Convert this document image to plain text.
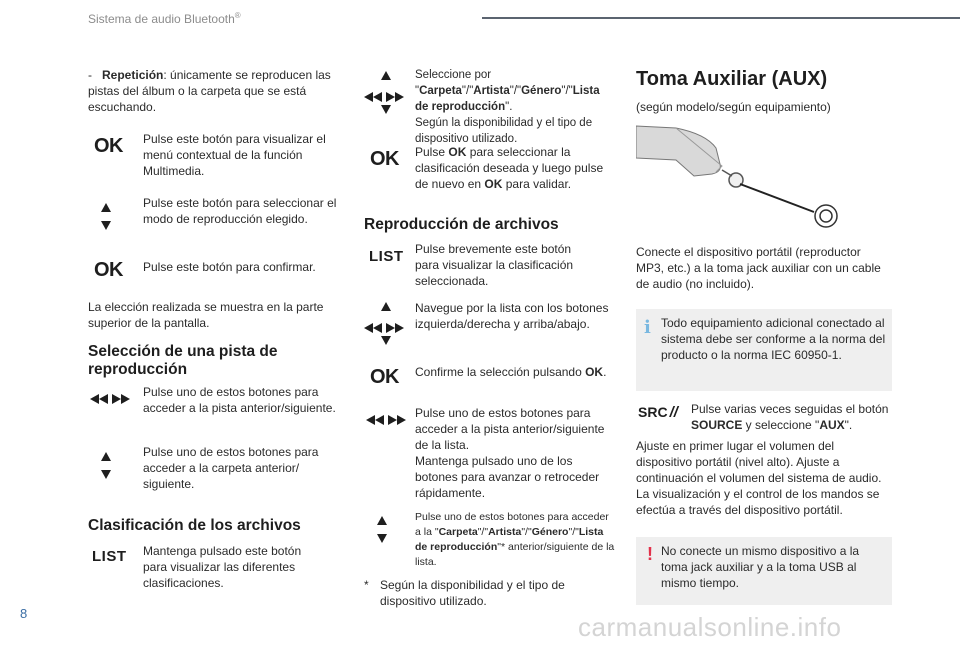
Sistema de audio Bluetooth®
- Repetición: únicamente se reproducen las pistas del álbum o la carpeta que se está escuchando.
OK Pulse este botón para visualizar el menú contextual de la función Multimedia.
Pulse este botón para seleccionar el modo de reproducción elegido.
OK Pulse este botón para confirmar.
La elección realizada se muestra en la parte superior de la pantalla.
Selección de una pista de reproducción

Pulse uno de estos botones para acceder a la pista anterior/siguiente.
Pulse uno de estos botones para acceder a la carpeta anterior/ siguiente.
Clasificación de los archivos
LIST Mantenga pulsado este botón para visualizar las diferentes clasificaciones.

Seleccione por
"Carpeta"/"Artista"/"Género"/"Lista de reproducción".
Según la disponibilidad y el tipo de dispositivo utilizado.
OK Pulse OK para seleccionar la clasificación deseada y luego pulse de nuevo en OK para validar.
Reproducción de archivos
LIST Pulse brevemente este botón para visualizar la clasificación seleccionada.

Navegue por la lista con los botones izquierda/derecha y arriba/abajo.
OK Confirme la selección pulsando OK.

Pulse uno de estos botones para acceder a la pista anterior/siguiente de la lista.
Mantenga pulsado uno de los botones para avanzar o retroceder rápidamente.
Pulse uno de estos botones para acceder a la "Carpeta"/"Artista"/"Género"/"Lista de reproducción"* anterior/siguiente de la lista.
* Según la disponibilidad y el tipo de dispositivo utilizado.
Toma Auxiliar (AUX)
(según modelo/según equipamiento)
Conecte el dispositivo portátil (reproductor MP3, etc.) a la toma jack auxiliar con un cable de audio (no incluido).
i Todo equipamiento adicional conectado al sistema debe ser conforme a la norma del producto o la norma IEC 60950-1.
SRC // Pulse varias veces seguidas el botón SOURCE y seleccione "AUX".
Ajuste en primer lugar el volumen del dispositivo portátil (nivel alto). Ajuste a continuación el volumen del sistema de audio. La visualización y el control de los mandos se efectúa a través del dispositivo portátil.
! No conecte un mismo dispositivo a la toma jack auxiliar y a la toma USB al mismo tiempo.
8	carmanualsonline.info
